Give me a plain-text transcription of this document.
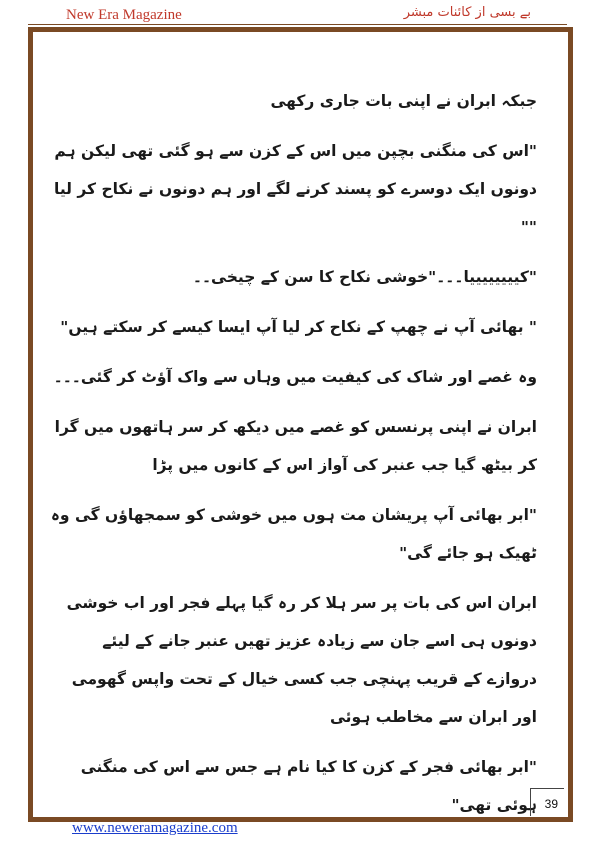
New Era Magazine	بے بسی از کائنات مبشر

جبکہ ابران نے اپنی بات جاری رکھی

"اس کی منگنی بچپن میں اس کے کزن سے ہو گئی تھی لیکن ہم دونوں ایک دوسرے کو پسند کرنے لگے اور ہم دونوں نے نکاح کر لیا ""

"کییییییییا۔۔۔"خوشی نکاح کا سن کے چیخی۔۔

" بھائی آپ نے چھپ کے نکاح کر لیا آپ ایسا کیسے کر سکتے ہیں"

وہ غصے اور شاک کی کیفیت میں وہاں سے واک آؤٹ کر گئی۔۔۔

ابران نے اپنی پرنسس کو غصے میں دیکھ کر سر ہاتھوں میں گرا کر بیٹھ گیا جب عنبر کی آواز اس کے کانوں میں پڑا

"ابر بھائی آپ پریشان مت ہوں میں خوشی کو سمجھاؤں گی وہ ٹھیک ہو جائے گی"

ابران اس کی بات پر سر ہلا کر رہ گیا پہلے فجر اور اب خوشی دونوں ہی اسے جان سے زیادہ عزیز تھیں عنبر جانے کے لیئے دروازے کے قریب پہنچی جب کسی خیال کے تحت واپس گھومی اور ابران سے مخاطب ہوئی

"ابر بھائی فجر کے کزن کا کیا نام ہے جس سے اس کی منگنی ہوئی تھی" 39
www.neweramagazine.com
